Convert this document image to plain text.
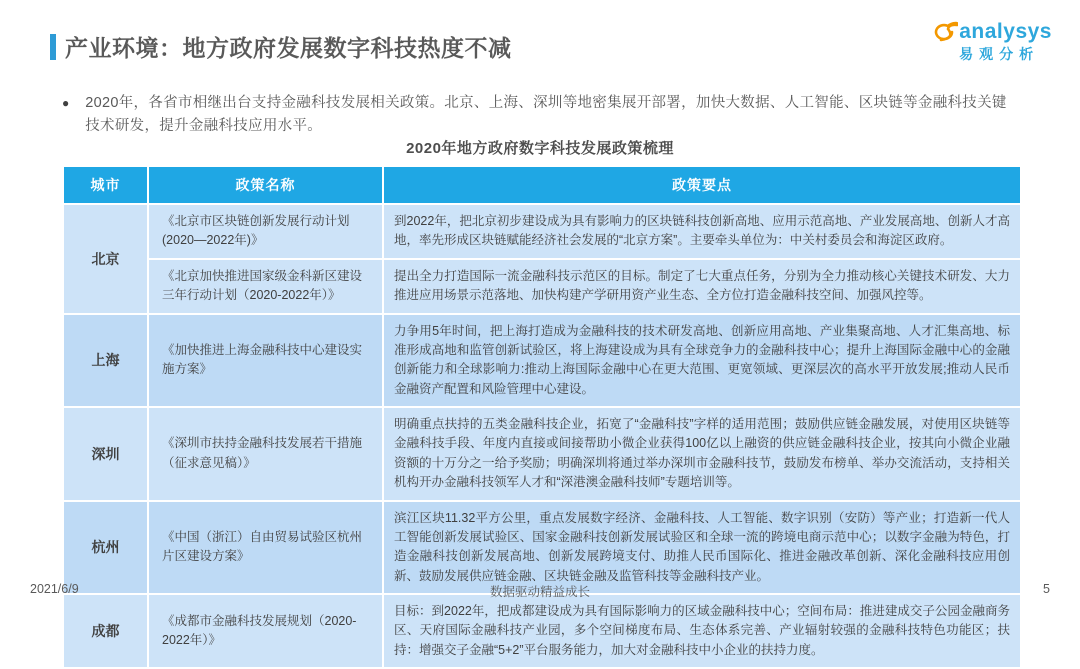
产业环境：地方政府发展数字科技热度不减
analysys
易观分析
● 2020年，各省市相继出台支持金融科技发展相关政策。北京、上海、深圳等地密集展开部署，加快大数据、人工智能、区块链等金融科技关键技术研发，提升金融科技应用水平。
2020年地方政府数字科技发展政策梳理
城市	政策名称	政策要点
北京	《北京市区块链创新发展行动计划(2020—2022年)》	到2022年，把北京初步建设成为具有影响力的区块链科技创新高地、应用示范高地、产业发展高地、创新人才高地，率先形成区块链赋能经济社会发展的“北京方案”。主要牵头单位为：中关村委员会和海淀区政府。
	《北京加快推进国家级金科新区建设三年行动计划（2020-2022年）》	提出全力打造国际一流金融科技示范区的目标。制定了七大重点任务，分别为全力推动核心关键技术研发、大力推进应用场景示范落地、加快构建产学研用资产业生态、全方位打造金融科技空间、加强风控等。
上海	《加快推进上海金融科技中心建设实施方案》	力争用5年时间，把上海打造成为金融科技的技术研发高地、创新应用高地、产业集聚高地、人才汇集高地、标准形成高地和监管创新试验区，将上海建设成为具有全球竞争力的金融科技中心；提升上海国际金融中心的金融创新能力和全球影响力:推动上海国际金融中心在更大范围、更宽领域、更深层次的高水平开放发展;推动人民币金融资产配置和风险管理中心建设。
深圳	《深圳市扶持金融科技发展若干措施（征求意见稿）》	明确重点扶持的五类金融科技企业，拓宽了“金融科技”字样的适用范围；鼓励供应链金融发展，对使用区块链等金融科技手段、年度内直接或间接帮助小微企业获得100亿以上融资的供应链金融科技企业，按其向小微企业融资额的十万分之一给予奖励；明确深圳将通过举办深圳市金融科技节，鼓励发布榜单、举办交流活动，支持相关机构开办金融科技领军人才和“深港澳金融科技师”专题培训等。
杭州	《中国（浙江）自由贸易试验区杭州片区建设方案》	滨江区块11.32平方公里，重点发展数字经济、金融科技、人工智能、数字识别（安防）等产业；打造新一代人工智能创新发展试验区、国家金融科技创新发展试验区和全球一流的跨境电商示范中心；以数字金融为特色，打造金融科技创新发展高地、创新发展跨境支付、助推人民币国际化、推进金融改革创新、深化金融科技应用创新、鼓励发展供应链金融、区块链金融及监管科技等金融科技产业。
成都	《成都市金融科技发展规划（2020-2022年）》	目标：到2022年，把成都建设成为具有国际影响力的区域金融科技中心；空间布局：推进建成交子公园金融商务区、天府国际金融科技产业园，多个空间梯度布局、生态体系完善、产业辐射较强的金融科技特色功能区；扶持：增强交子金融“5+2”平台服务能力，加大对金融科技中小企业的扶持力度。
2021/6/9	数据驱动精益成长	5
